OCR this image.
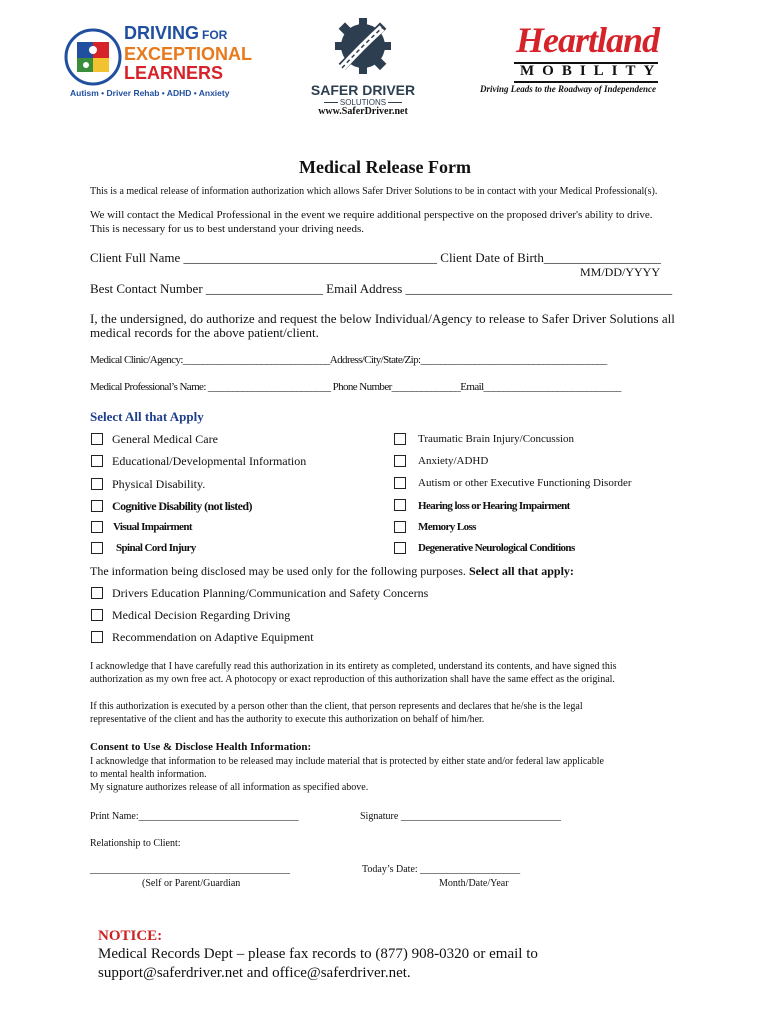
DRIVING FOR
EXCEPTIONAL
LEARNERS
Autism • Driver Rehab • ADHD • Anxiety	SAFER DRIVER
SOLUTIONS
www.SaferDriver.net
Heartland
MOBILITY
Driving Leads to the Roadway of Independence
Medical Release Form
This is a medical release of information authorization which allows Safer Driver Solutions to be in contact with your Medical Professional(s).
We will contact the Medical Professional in the event we require additional perspective on the proposed driver's ability to drive.
This is necessary for us to best understand your driving needs.
Client Full Name _______________________________________ Client Date of Birth__________________
MM/DD/YYYY
Best Contact Number __________________ Email Address _________________________________________
I, the undersigned, do authorize and request the below Individual/Agency to release to Safer Driver Solutions all
medical records for the above patient/client.
Medical Clinic/Agency:______________________________Address/City/State/Zip:______________________________________
Medical Professional’s Name: _________________________ Phone Number______________Email____________________________
Select All that Apply
General Medical Care
Educational/Developmental Information
Physical Disability.
Cognitive Disability (not listed)
Visual Impairment
Spinal Cord Injury
Traumatic Brain Injury/Concussion
Anxiety/ADHD
Autism or other Executive Functioning Disorder
Hearing loss or Hearing Impairment
Memory Loss
Degenerative Neurological Conditions
The information being disclosed may be used only for the following purposes. Select all that apply:
Drivers Education Planning/Communication and Safety Concerns
Medical Decision Regarding Driving
Recommendation on Adaptive Equipment
I acknowledge that I have carefully read this authorization in its entirety as completed, understand its contents, and have signed this
authorization as my own free act. A photocopy or exact reproduction of this authorization shall have the same effect as the original.
If this authorization is executed by a person other than the client, that person represents and declares that he/she is the legal
representative of the client and has the authority to execute this authorization on behalf of him/her.
Consent to Use & Disclose Health Information:
I acknowledge that information to be released may include material that is protected by either state and/or federal law applicable
to mental health information.
My signature authorizes release of all information as specified above.
Print Name:________________________________	Signature ________________________________
Relationship to Client:
________________________________________
(Self or Parent/Guardian
Today’s Date: ____________________
Month/Date/Year
NOTICE:
Medical Records Dept – please fax records to (877) 908-0320 or email to
support@saferdriver.net and office@saferdriver.net.
